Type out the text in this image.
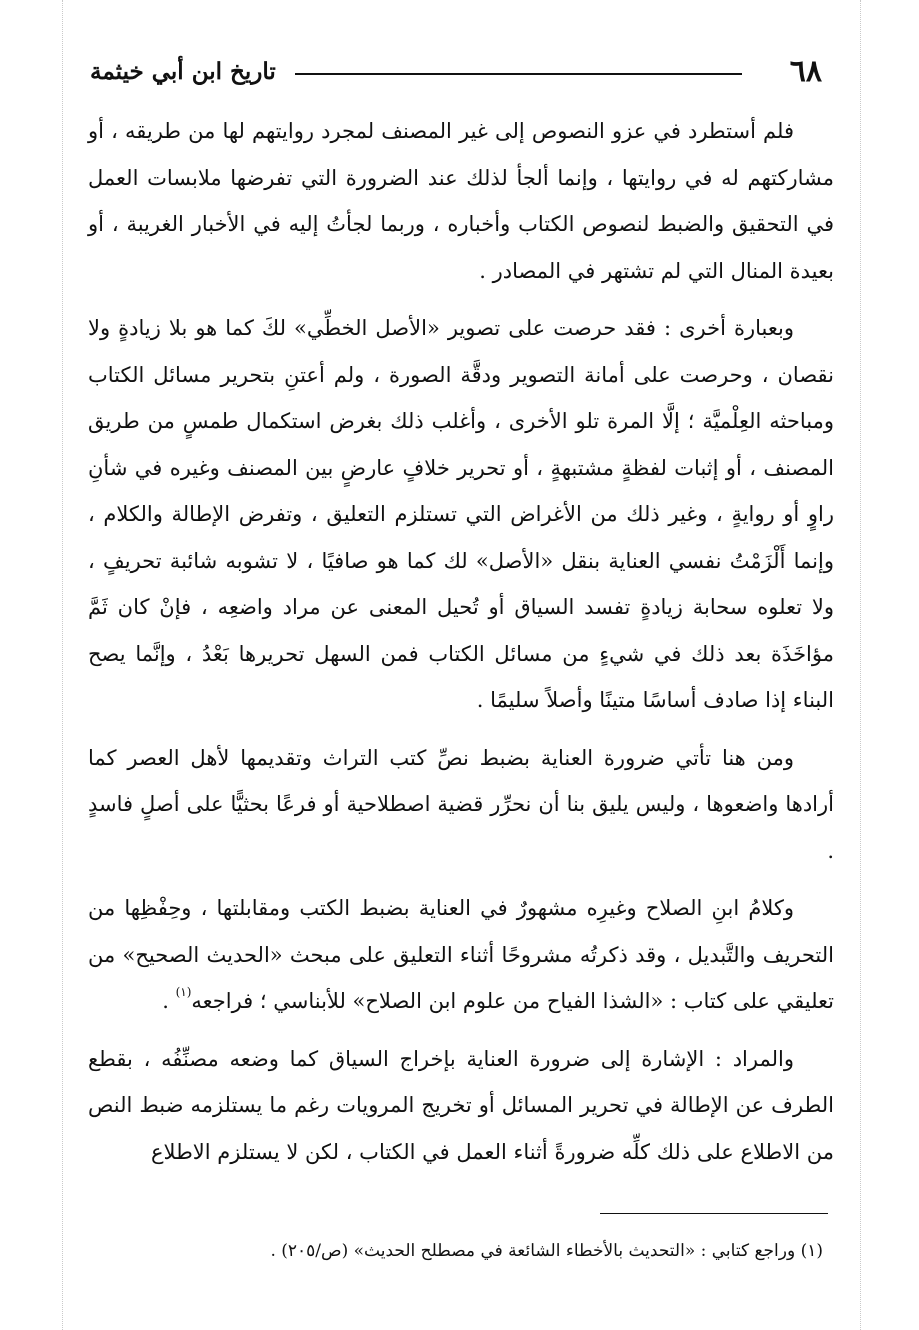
٦٨
تاريخ ابن أبي خيثمة

فلم أستطرد في عزو النصوص إلى غير المصنف لمجرد روايتهم لها من طريقه ، أو مشاركتهم له في روايتها ، وإنما ألجأ لذلك عند الضرورة التي تفرضها ملابسات العمل في التحقيق والضبط لنصوص الكتاب وأخباره ، وربما لجأتُ إليه في الأخبار الغريبة ، أو بعيدة المنال التي لم تشتهر في المصادر .

وبعبارة أخرى : فقد حرصت على تصوير «الأصل الخطِّي» لكَ كما هو بلا زيادةٍ ولا نقصان ، وحرصت على أمانة التصوير ودقَّة الصورة ، ولم أعتنِ بتحرير مسائل الكتاب ومباحثه العِلْميَّة ؛ إلَّا المرة تلو الأخرى ، وأغلب ذلك بغرض استكمال طمسٍ من طريق المصنف ، أو إثبات لفظةٍ مشتبهةٍ ، أو تحرير خلافٍ عارضٍ بين المصنف وغيره في شأنِ راوٍ أو روايةٍ ، وغير ذلك من الأغراض التي تستلزم التعليق ، وتفرض الإطالة والكلام ، وإنما أَلْزَمْتُ نفسي العناية بنقل «الأصل» لك كما هو صافيًا ، لا تشوبه شائبة تحريفٍ ، ولا تعلوه سحابة زيادةٍ تفسد السياق أو تُحيل المعنى عن مراد واضعِه ، فإنْ كان ثَمَّ مؤاخَذَة بعد ذلك في شيءٍ من مسائل الكتاب فمن السهل تحريرها بَعْدُ ، وإنَّما يصح البناء إذا صادف أساسًا متينًا وأصلاً سليمًا .

ومن هنا تأتي ضرورة العناية بضبط نصِّ كتب التراث وتقديمها لأهل العصر كما أرادها واضعوها ، وليس يليق بنا أن نحرِّر قضية اصطلاحية أو فرعًا بحثيًّا على أصلٍ فاسدٍ .

وكلامُ ابنِ الصلاح وغيرِه مشهورٌ في العناية بضبط الكتب ومقابلتها ، وحِفْظِها من التحريف والتَّبديل ، وقد ذكرتُه مشروحًا أثناء التعليق على مبحث «الحديث الصحيح» من تعليقي على كتاب : «الشذا الفياح من علوم ابن الصلاح» للأبناسي ؛ فراجعه$^{(١)}$ .

والمراد : الإشارة إلى ضرورة العناية بإخراج السياق كما وضعه مصنِّفُه ، بقطع الطرف عن الإطالة في تحرير المسائل أو تخريج المرويات رغم ما يستلزمه ضبط النص من الاطلاع على ذلك كلِّه ضرورةً أثناء العمل في الكتاب ، لكن لا يستلزم الاطلاع

(١) وراجع كتابي : «التحديث بالأخطاء الشائعة في مصطلح الحديث» (ص/٢٠٥) .
